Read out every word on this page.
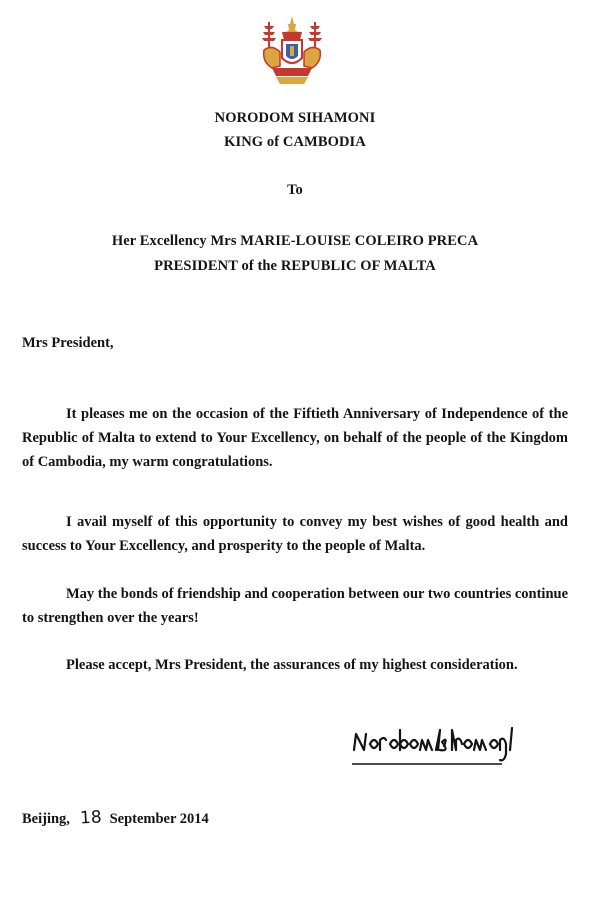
NORODOM SIHAMONI
KING of CAMBODIA
To
Her Excellency Mrs MARIE-LOUISE COLEIRO PRECA
PRESIDENT of the REPUBLIC OF MALTA
Mrs President,

It pleases me on the occasion of the Fiftieth Anniversary of Independence of the Republic of Malta to extend to Your Excellency, on behalf of the people of the Kingdom of Cambodia, my warm congratulations.

I avail myself of this opportunity to convey my best wishes of good health and success to Your Excellency, and prosperity to the people of Malta.

May the bonds of friendship and cooperation between our two countries continue to strengthen over the years!

Please accept, Mrs President, the assurances of my highest consideration.

Beijing, 18 September 2014
